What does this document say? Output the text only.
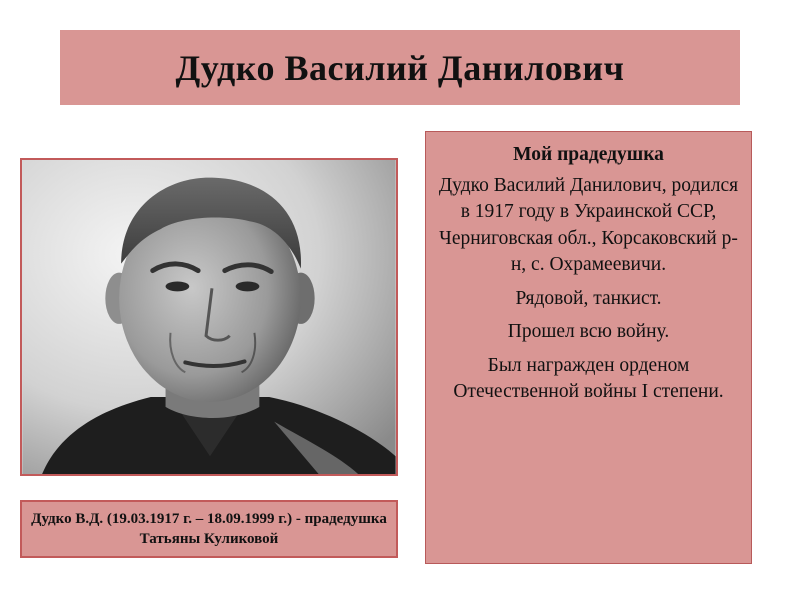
Дудко Василий Данилович
Дудко В.Д. (19.03.1917 г. – 18.09.1999 г.) - прадедушка Татьяны Куликовой
Мой прадедушка

Дудко Василий Данилович, родился в 1917 году в Украинской ССР, Черниговская обл., Корсаковский р-н, с. Охрамеевичи.

Рядовой, танкист.

Прошел всю войну.

Был награжден орденом Отечественной войны I степени.
